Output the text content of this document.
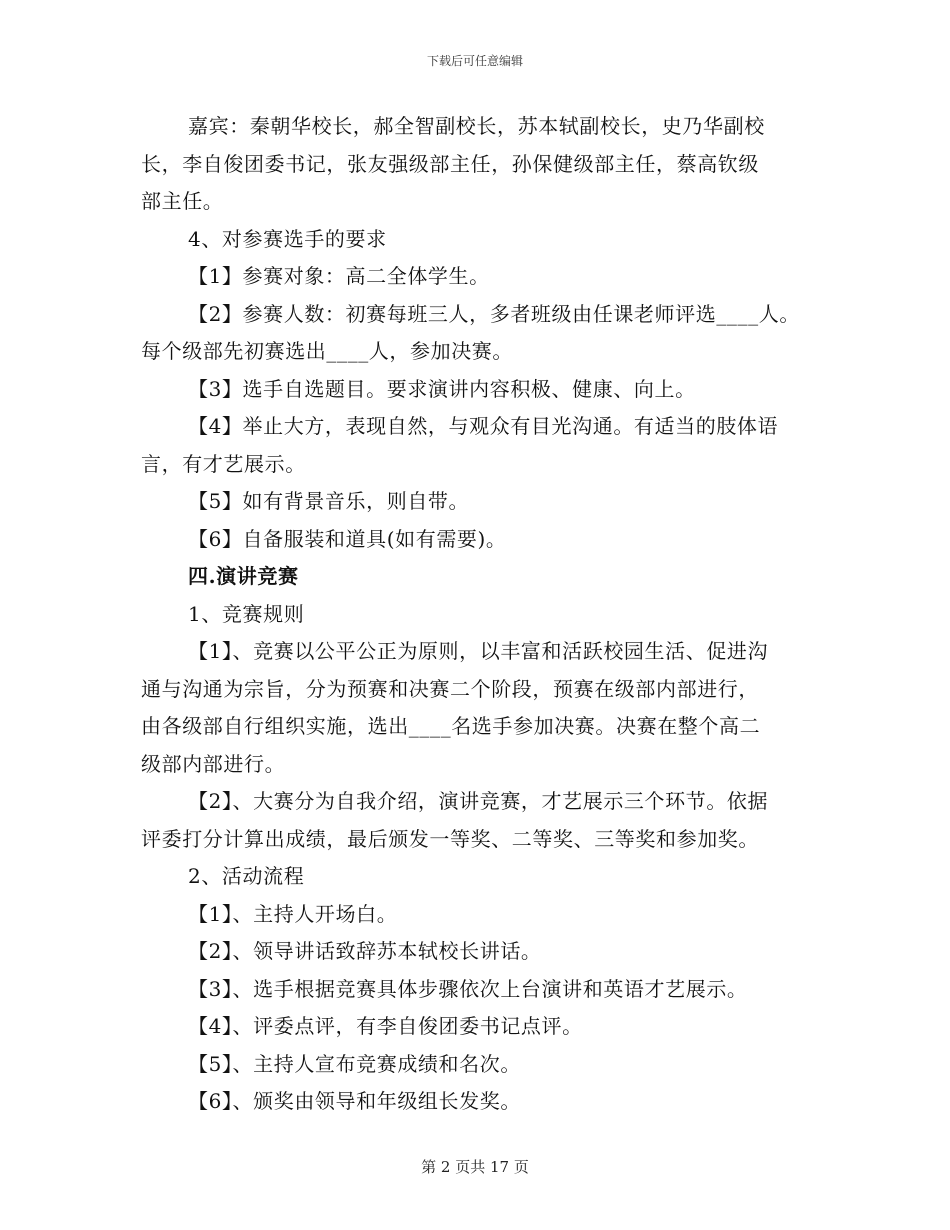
下载后可任意编辑
嘉宾：秦朝华校长，郝全智副校长，苏本轼副校长，史乃华副校
长，李自俊团委书记，张友强级部主任，孙保健级部主任，蔡高钦级
部主任。
4、对参赛选手的要求
【1】参赛对象：高二全体学生。
【2】参赛人数：初赛每班三人，多者班级由任课老师评选____人。
每个级部先初赛选出____人，参加决赛。
【3】选手自选题目。要求演讲内容积极、健康、向上。
【4】举止大方，表现自然，与观众有目光沟通。有适当的肢体语
言，有才艺展示。
【5】如有背景音乐，则自带。
【6】自备服装和道具(如有需要)。
四.演讲竞赛
1、竞赛规则
【1】、竞赛以公平公正为原则，以丰富和活跃校园生活、促进沟
通与沟通为宗旨，分为预赛和决赛二个阶段，预赛在级部内部进行，
由各级部自行组织实施，选出____名选手参加决赛。决赛在整个高二
级部内部进行。
【2】、大赛分为自我介绍，演讲竞赛，才艺展示三个环节。依据
评委打分计算出成绩，最后颁发一等奖、二等奖、三等奖和参加奖。
2、活动流程
【1】、主持人开场白。
【2】、领导讲话致辞苏本轼校长讲话。
【3】、选手根据竞赛具体步骤依次上台演讲和英语才艺展示。
【4】、评委点评，有李自俊团委书记点评。
【5】、主持人宣布竞赛成绩和名次。
【6】、颁奖由领导和年级组长发奖。
第 2 页共 17 页
